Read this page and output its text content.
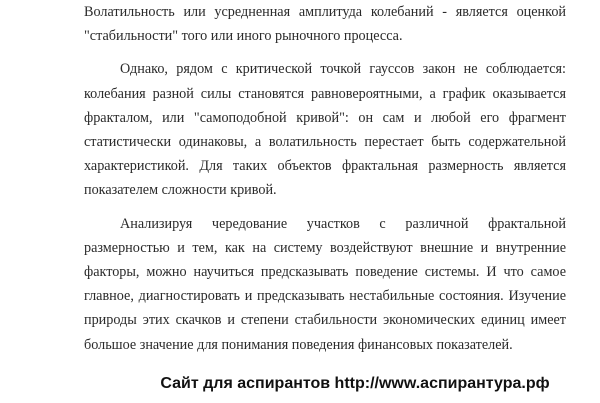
Волатильность или усредненная амплитуда колебаний - является оценкой "стабильности" того или иного рыночного процесса.

Однако, рядом с критической точкой гауссов закон не соблюдается: колебания разной силы становятся равновероятными, а график оказывается фракталом, или "самоподобной кривой": он сам и любой его фрагмент статистически одинаковы, а волатильность перестает быть содержательной характеристикой. Для таких объектов фрактальная размерность является показателем сложности кривой.

Анализируя чередование участков с различной фрактальной размерностью и тем, как на систему воздействуют внешние и внутренние факторы, можно научиться предсказывать поведение системы. И что самое главное, диагностировать и предсказывать нестабильные состояния. Изучение природы этих скачков и степени стабильности экономических единиц имеет большое значение для понимания поведения финансовых показателей.

Сайт для аспирантов http://www.аспирантура.рф
